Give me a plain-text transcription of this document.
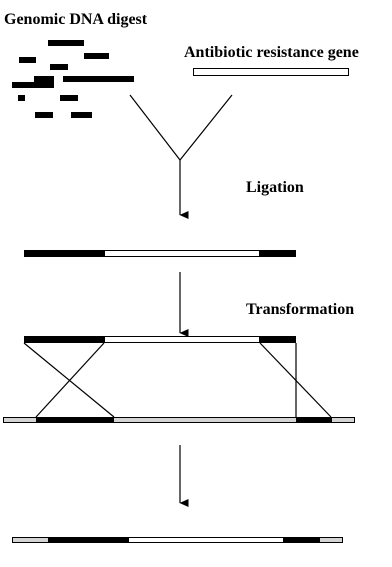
Genomic DNA digest

Antibiotic resistance gene

Ligation

Transformation
